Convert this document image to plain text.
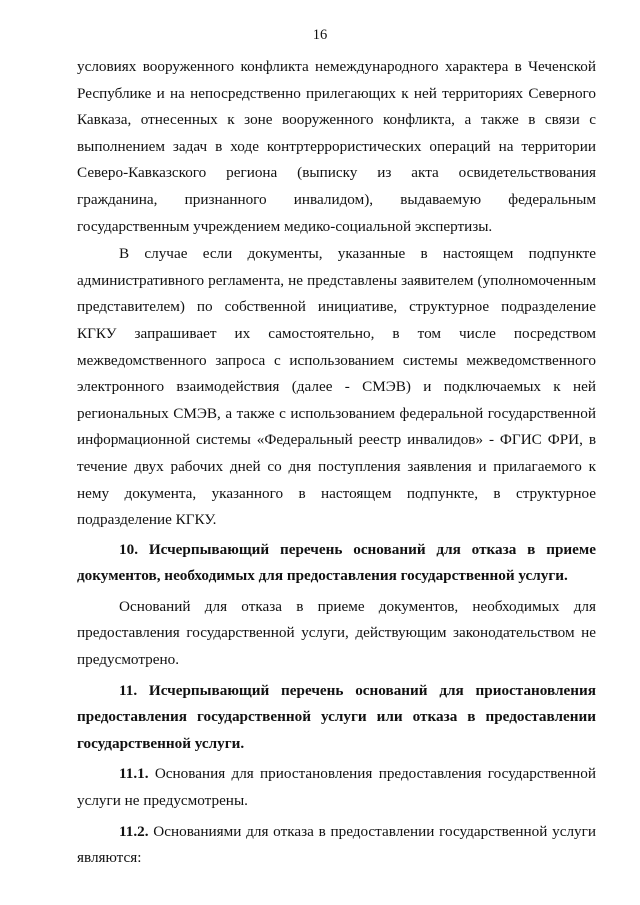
16

условиях вооруженного конфликта немеждународного характера в Чеченской Республике и на непосредственно прилегающих к ней территориях Северного Кавказа, отнесенных к зоне вооруженного конфликта, а также в связи с выполнением задач в ходе контртеррористических операций на территории Северо-Кавказского региона (выписку из акта освидетельствования гражданина, признанного инвалидом), выдаваемую федеральным государственным учреждением медико-социальной экспертизы.

В случае если документы, указанные в настоящем подпункте административного регламента, не представлены заявителем (уполномоченным представителем) по собственной инициативе, структурное подразделение КГКУ запрашивает их самостоятельно, в том числе посредством межведомственного запроса с использованием системы межведомственного электронного взаимодействия (далее - СМЭВ) и подключаемых к ней региональных СМЭВ, а также с использованием федеральной государственной информационной системы «Федеральный реестр инвалидов» - ФГИС ФРИ, в течение двух рабочих дней со дня поступления заявления и прилагаемого к нему документа, указанного в настоящем подпункте, в структурное подразделение КГКУ.

10. Исчерпывающий перечень оснований для отказа в приеме документов, необходимых для предоставления государственной услуги.

Оснований для отказа в приеме документов, необходимых для предоставления государственной услуги, действующим законодательством не предусмотрено.

11. Исчерпывающий перечень оснований для приостановления предоставления государственной услуги или отказа в предоставлении государственной услуги.

11.1. Основания для приостановления предоставления государственной услуги не предусмотрены.

11.2. Основаниями для отказа в предоставлении государственной услуги являются:
